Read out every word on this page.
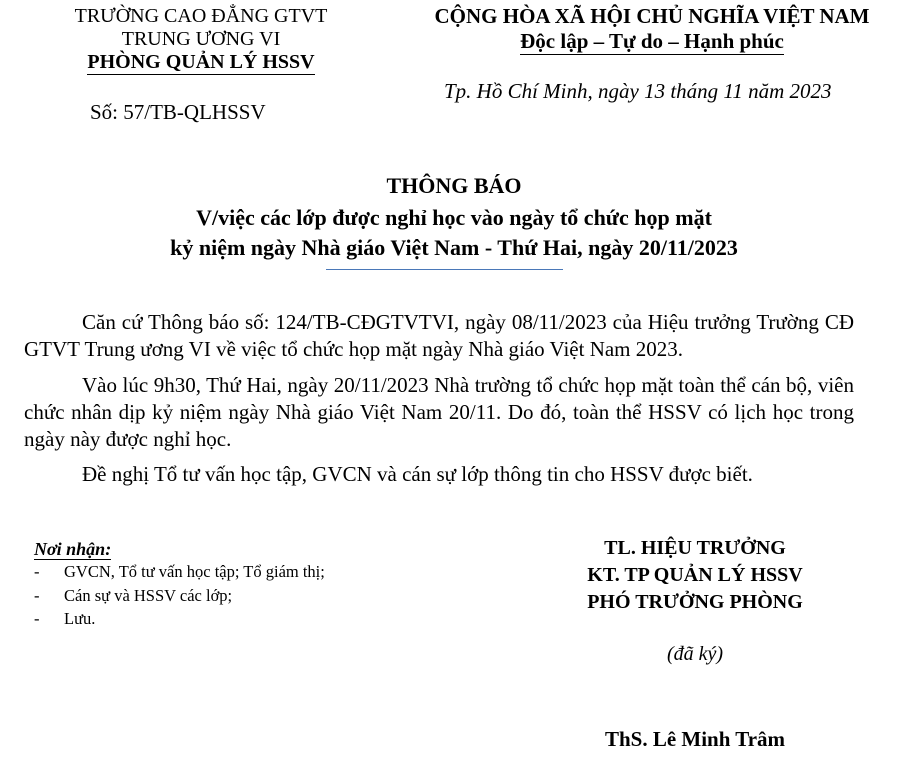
TRƯỜNG CAO ĐẲNG GTVT
TRUNG ƯƠNG VI
PHÒNG QUẢN LÝ HSSV
Số: 57/TB-QLHSSV
CỘNG HÒA XÃ HỘI CHỦ NGHĨA VIỆT NAM
Độc lập – Tự do – Hạnh phúc
Tp. Hồ Chí Minh, ngày 13 tháng 11 năm 2023
THÔNG BÁO
V/việc các lớp được nghỉ học vào ngày tổ chức họp mặt
kỷ niệm ngày Nhà giáo Việt Nam - Thứ Hai, ngày 20/11/2023

Căn cứ Thông báo số: 124/TB-CĐGTVTVI, ngày 08/11/2023 của Hiệu trưởng Trường CĐ GTVT Trung ương VI về việc tổ chức họp mặt ngày Nhà giáo Việt Nam 2023.

Vào lúc 9h30, Thứ Hai, ngày 20/11/2023 Nhà trường tổ chức họp mặt toàn thể cán bộ, viên chức nhân dịp kỷ niệm ngày Nhà giáo Việt Nam 20/11. Do đó, toàn thể HSSV có lịch học trong ngày này được nghỉ học.

Đề nghị Tổ tư vấn học tập, GVCN và cán sự lớp thông tin cho HSSV được biết.

Nơi nhận:
- GVCN, Tổ tư vấn học tập; Tổ giám thị;
- Cán sự và HSSV các lớp;
- Lưu.
TL. HIỆU TRƯỞNG
KT. TP QUẢN LÝ HSSV
PHÓ TRƯỞNG PHÒNG
(đã ký)
ThS. Lê Minh Trâm
